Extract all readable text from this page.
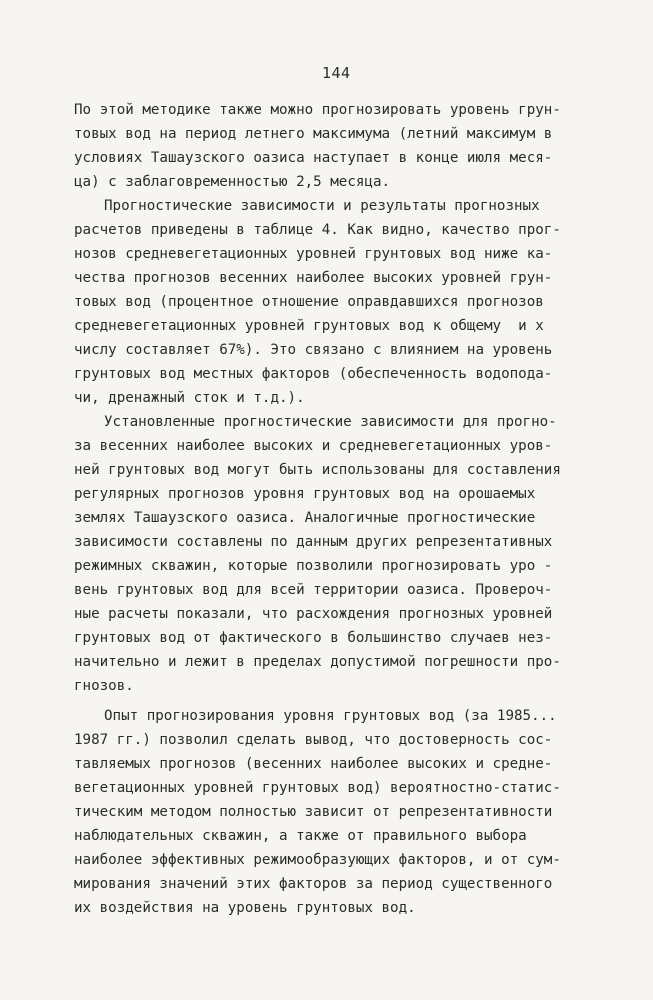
144
По этой методике также можно прогнозировать уровень грун-
товых вод на период летнего максимума (летний максимум в
условиях Ташаузского оазиса наступает в конце июля меся-
ца) с заблаговременностью 2,5 месяца.
Прогностические зависимости и результаты прогнозных
расчетов приведены в таблице 4. Как видно, качество прог-
нозов средневегетационных уровней грунтовых вод ниже ка-
чества прогнозов весенних наиболее высоких уровней грун-
товых вод (процентное отношение оправдавшихся прогнозов
средневегетационных уровней грунтовых вод к общему  и х
числу составляет 67%). Это связано с влиянием на уровень
грунтовых вод местных факторов (обеспеченность водопода-
чи, дренажный сток и т.д.).
Установленные прогностические зависимости для прогно-
за весенних наиболее высоких и средневегетационных уров-
ней грунтовых вод могут быть использованы для составления
регулярных прогнозов уровня грунтовых вод на орошаемых
землях Ташаузского оазиса. Аналогичные прогностические
зависимости составлены по данным других репрезентативных
режимных скважин, которые позволили прогнозировать уро -
вень грунтовых вод для всей территории оазиса. Провероч-
ные расчеты показали, что расхождения прогнозных уровней
грунтовых вод от фактического в большинство случаев нез-
начительно и лежит в пределах допустимой погрешности про-
гнозов.
Опыт прогнозирования уровня грунтовых вод (за 1985...
1987 гг.) позволил сделать вывод, что достоверность сос-
тавляемых прогнозов (весенних наиболее высоких и средне-
вегетационных уровней грунтовых вод) вероятностно-статис-
тическим методом полностью зависит от репрезентативности
наблюдательных скважин, а также от правильного выбора
наиболее эффективных режимообразующих факторов, и от сум-
мирования значений этих факторов за период существенного
их воздействия на уровень грунтовых вод.
